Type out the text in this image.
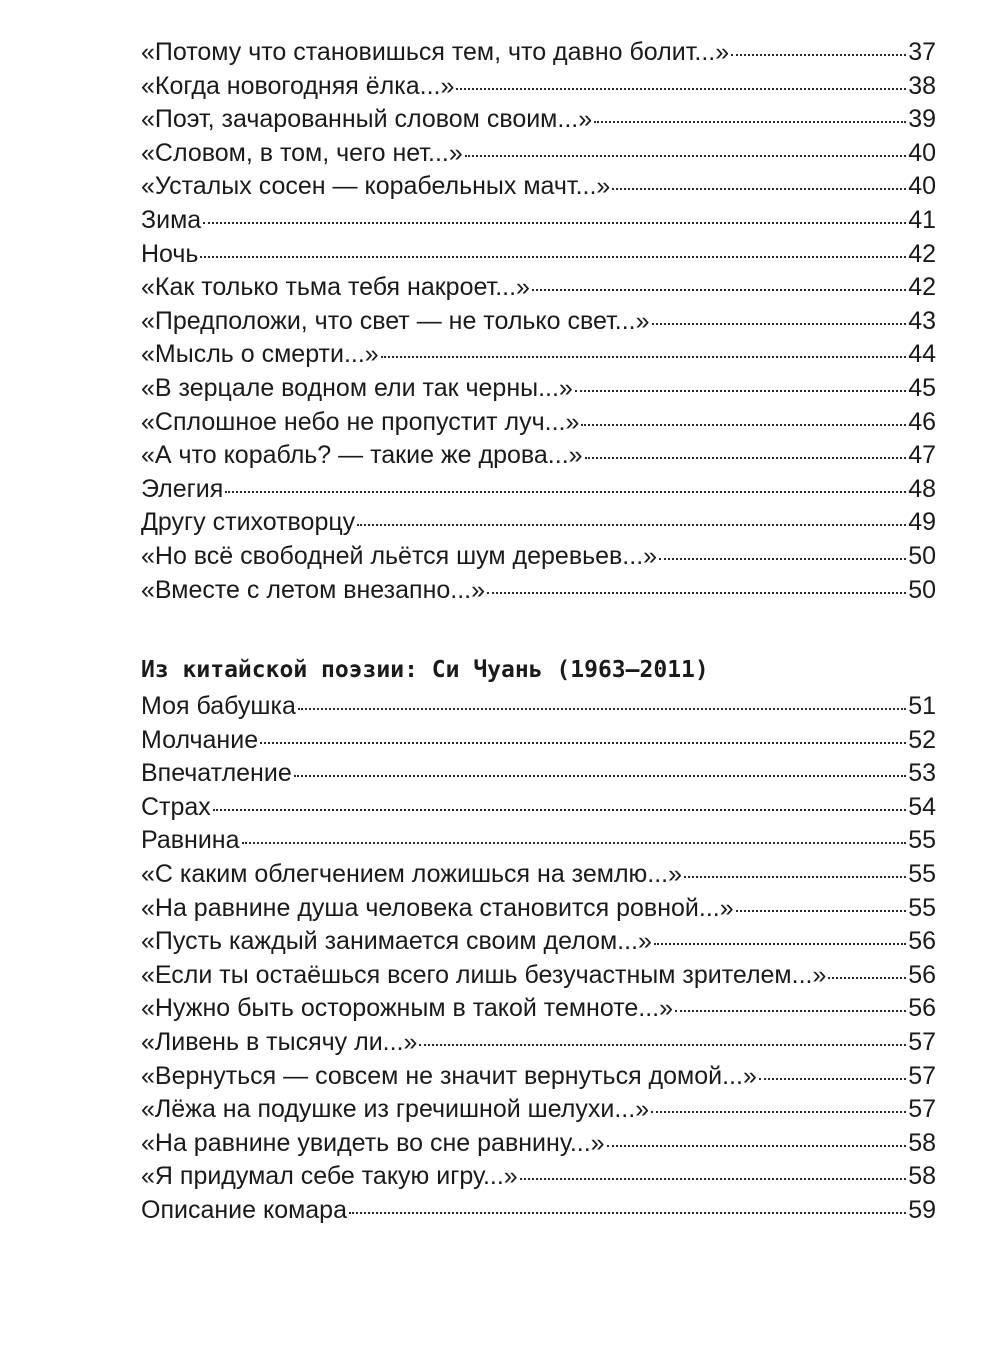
«Потому что становишься тем, что давно болит...»	37
«Когда новогодняя ёлка...»	38
«Поэт, зачарованный словом своим...»	39
«Словом, в том, чего нет...»	40
«Усталых сосен — корабельных мачт...»	40
Зима	41
Ночь	42
«Как только тьма тебя накроет...»	42
«Предположи, что свет — не только свет...»	43
«Мысль о смерти...»	44
«В зерцале водном ели так черны...»	45
«Сплошное небо не пропустит луч...»	46
«А что корабль? — такие же дрова...»	47
Элегия	48
Другу стихотворцу	49
«Но всё свободней льётся шум деревьев...»	50
«Вместе с летом внезапно...»	50
Из китайской поэзии: Си Чуань (1963—2011)
Моя бабушка	51
Молчание	52
Впечатление	53
Страх	54
Равнина	55
«С каким облегчением ложишься на землю...»	55
«На равнине душа человека становится ровной...»	55
«Пусть каждый занимается своим делом...»	56
«Если ты остаёшься всего лишь безучастным зрителем...»	56
«Нужно быть осторожным в такой темноте...»	56
«Ливень в тысячу ли...»	57
«Вернуться — совсем не значит вернуться домой...»	57
«Лёжа на подушке из гречишной шелухи...»	57
«На равнине увидеть во сне равнину...»	58
«Я придумал себе такую игру...»	58
Описание комара	59
